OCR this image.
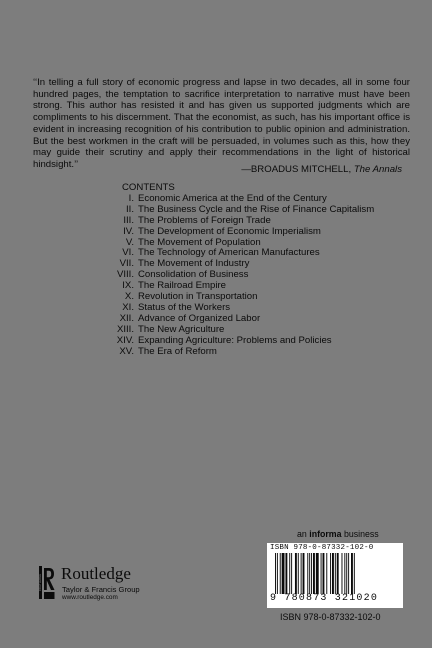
‘‘In telling a full story of economic progress and lapse in two decades, all in some four hundred pages, the temptation to sacrifice interpretation to narrative must have been strong. This author has resisted it and has given us supported judgments which are compliments to his discernment. That the economist, as such, has his important office is evident in increasing recognition of his contribution to public opinion and administration. But the best workmen in the craft will be persuaded, in volumes such as this, how they may guide their scrutiny and apply their recommendations in the light of historical hindsight.’’	—BROADUS MITCHELL, The Annals
CONTENTS
I. Economic America at the End of the Century
II. The Business Cycle and the Rise of Finance Capitalism
III. The Problems of Foreign Trade
IV. The Development of Economic Imperialism
V. The Movement of Population
VI. The Technology of American Manufactures
VII. The Movement of Industry
VIII. Consolidation of Business
IX. The Railroad Empire
X. Revolution in Transportation
XI. Status of the Workers
XII. Advance of Organized Labor
XIII. The New Agriculture
XIV. Expanding Agriculture: Problems and Policies
XV. The Era of Reform
an informa business
ISBN 978-0-87332-102-0
9 780873 321020
ISBN 978-0-87332-102-0
ROUTLEDGE Routledge
Taylor & Francis Group
www.routledge.com
